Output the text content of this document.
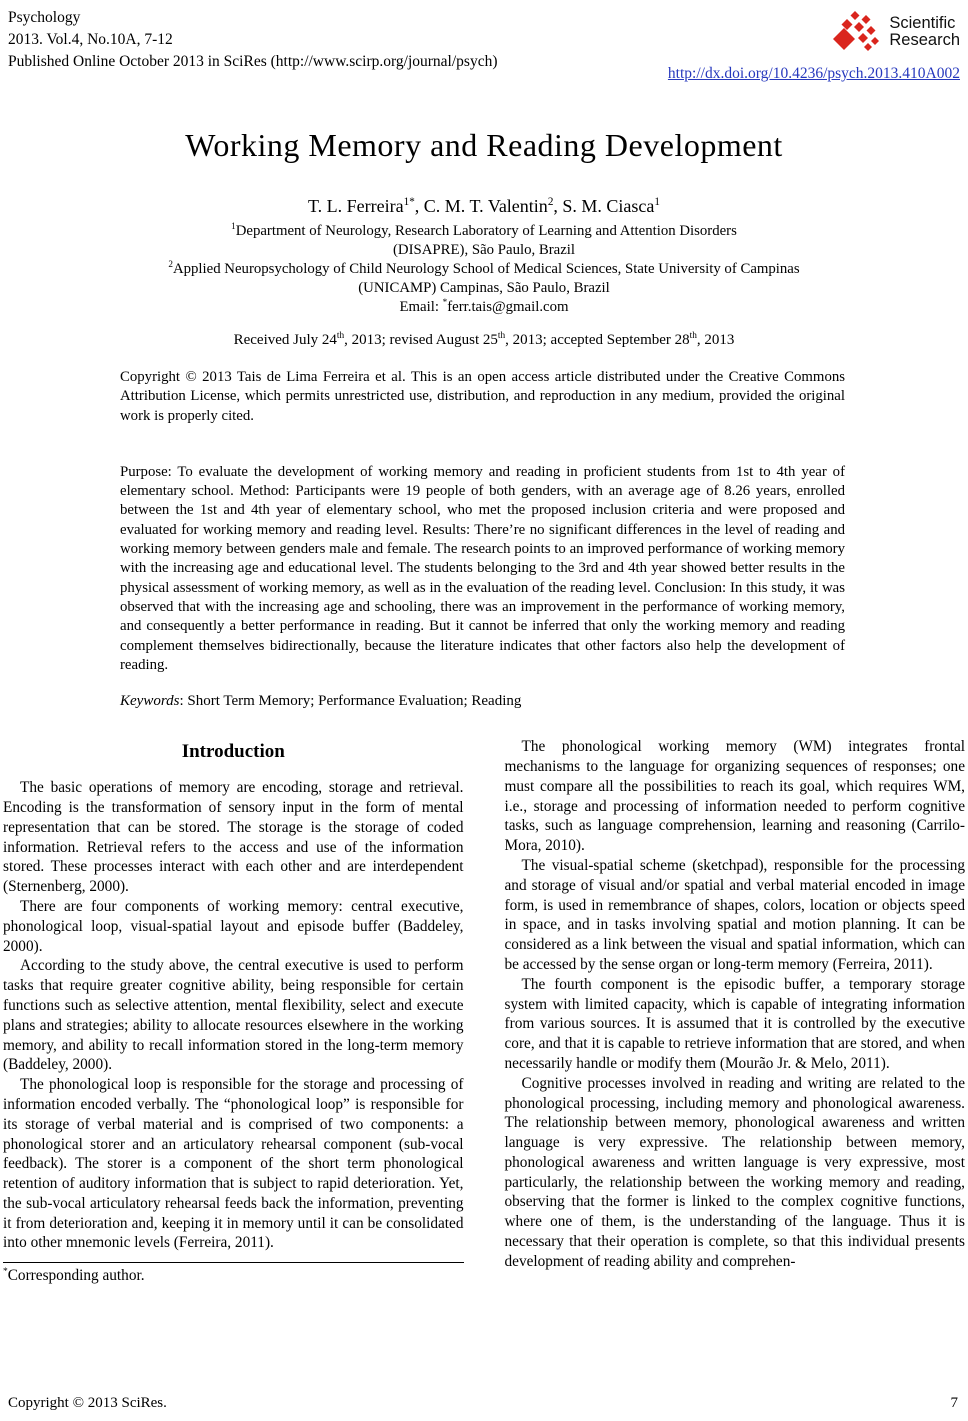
Psychology
2013. Vol.4, No.10A, 7-12
Published Online October 2013 in SciRes (http://www.scirp.org/journal/psych)
Scientific
Research
http://dx.doi.org/10.4236/psych.2013.410A002
Working Memory and Reading Development
T. L. Ferreira$^{1*}$, C. M. T. Valentin$^2$, S. M. Ciasca$^1$
$^1$Department of Neurology, Research Laboratory of Learning and Attention Disorders
(DISAPRE), São Paulo, Brazil
$^2$Applied Neuropsychology of Child Neurology School of Medical Sciences, State University of Campinas
(UNICAMP) Campinas, São Paulo, Brazil
Email: *ferr.tais@gmail.com
Received July 24th, 2013; revised August 25th, 2013; accepted September 28th, 2013

Copyright © 2013 Tais de Lima Ferreira et al. This is an open access article distributed under the Creative Commons Attribution License, which permits unrestricted use, distribution, and reproduction in any medium, provided the original work is properly cited.

Purpose: To evaluate the development of working memory and reading in proficient students from 1st to 4th year of elementary school. Method: Participants were 19 people of both genders, with an average age of 8.26 years, enrolled between the 1st and 4th year of elementary school, who met the proposed inclusion criteria and were proposed and evaluated for working memory and reading level. Results: There’re no significant differences in the level of reading and working memory between genders male and female. The research points to an improved performance of working memory with the increasing age and educational level. The students belonging to the 3rd and 4th year showed better results in the physical assessment of working memory, as well as in the evaluation of the reading level. Conclusion: In this study, it was observed that with the increasing age and schooling, there was an improvement in the performance of working memory, and consequently a better performance in reading. But it cannot be inferred that only the working memory and reading complement themselves bidirectionally, because the literature indicates that other factors also help the development of reading.

Keywords: Short Term Memory; Performance Evaluation; Reading

Introduction

The basic operations of memory are encoding, storage and retrieval. Encoding is the transformation of sensory input in the form of mental representation that can be stored. The storage is the storage of coded information. Retrieval refers to the access and use of the information stored. These processes interact with each other and are interdependent (Sternenberg, 2000).

There are four components of working memory: central executive, phonological loop, visual-spatial layout and episode buffer (Baddeley, 2000).

According to the study above, the central executive is used to perform tasks that require greater cognitive ability, being responsible for certain functions such as selective attention, mental flexibility, select and execute plans and strategies; ability to allocate resources elsewhere in the working memory, and ability to recall information stored in the long-term memory (Baddeley, 2000).

The phonological loop is responsible for the storage and processing of information encoded verbally. The “phonological loop” is responsible for its storage of verbal material and is comprised of two components: a phonological storer and an articulatory rehearsal component (sub-vocal feedback). The storer is a component of the short term phonological retention of auditory information that is subject to rapid deterioration. Yet, the sub-vocal articulatory rehearsal feeds back the information, preventing it from deterioration and, keeping it in memory until it can be consolidated into other mnemonic levels (Ferreira, 2011).

*Corresponding author.

The phonological working memory (WM) integrates frontal mechanisms to the language for organizing sequences of responses; one must compare all the possibilities to reach its goal, which requires WM, i.e., storage and processing of information needed to perform cognitive tasks, such as language comprehension, learning and reasoning (Carrilo-Mora, 2010).

The visual-spatial scheme (sketchpad), responsible for the processing and storage of visual and/or spatial and verbal material encoded in image form, is used in remembrance of shapes, colors, location or objects speed in space, and in tasks involving spatial and motion planning. It can be considered as a link between the visual and spatial information, which can be accessed by the sense organ or long-term memory (Ferreira, 2011).

The fourth component is the episodic buffer, a temporary storage system with limited capacity, which is capable of integrating information from various sources. It is assumed that it is controlled by the executive core, and that it is capable to retrieve information that are stored, and when necessarily handle or modify them (Mourão Jr. & Melo, 2011).

Cognitive processes involved in reading and writing are related to the phonological processing, including memory and phonological awareness. The relationship between memory, phonological awareness and written language is very expressive. The relationship between memory, phonological awareness and written language is very expressive, most particularly, the relationship between the working memory and reading, observing that the former is linked to the complex cognitive functions, where one of them, is the understanding of the language. Thus it is necessary that their operation is complete, so that this individual presents development of reading ability and comprehen-

Copyright © 2013 SciRes.	7
